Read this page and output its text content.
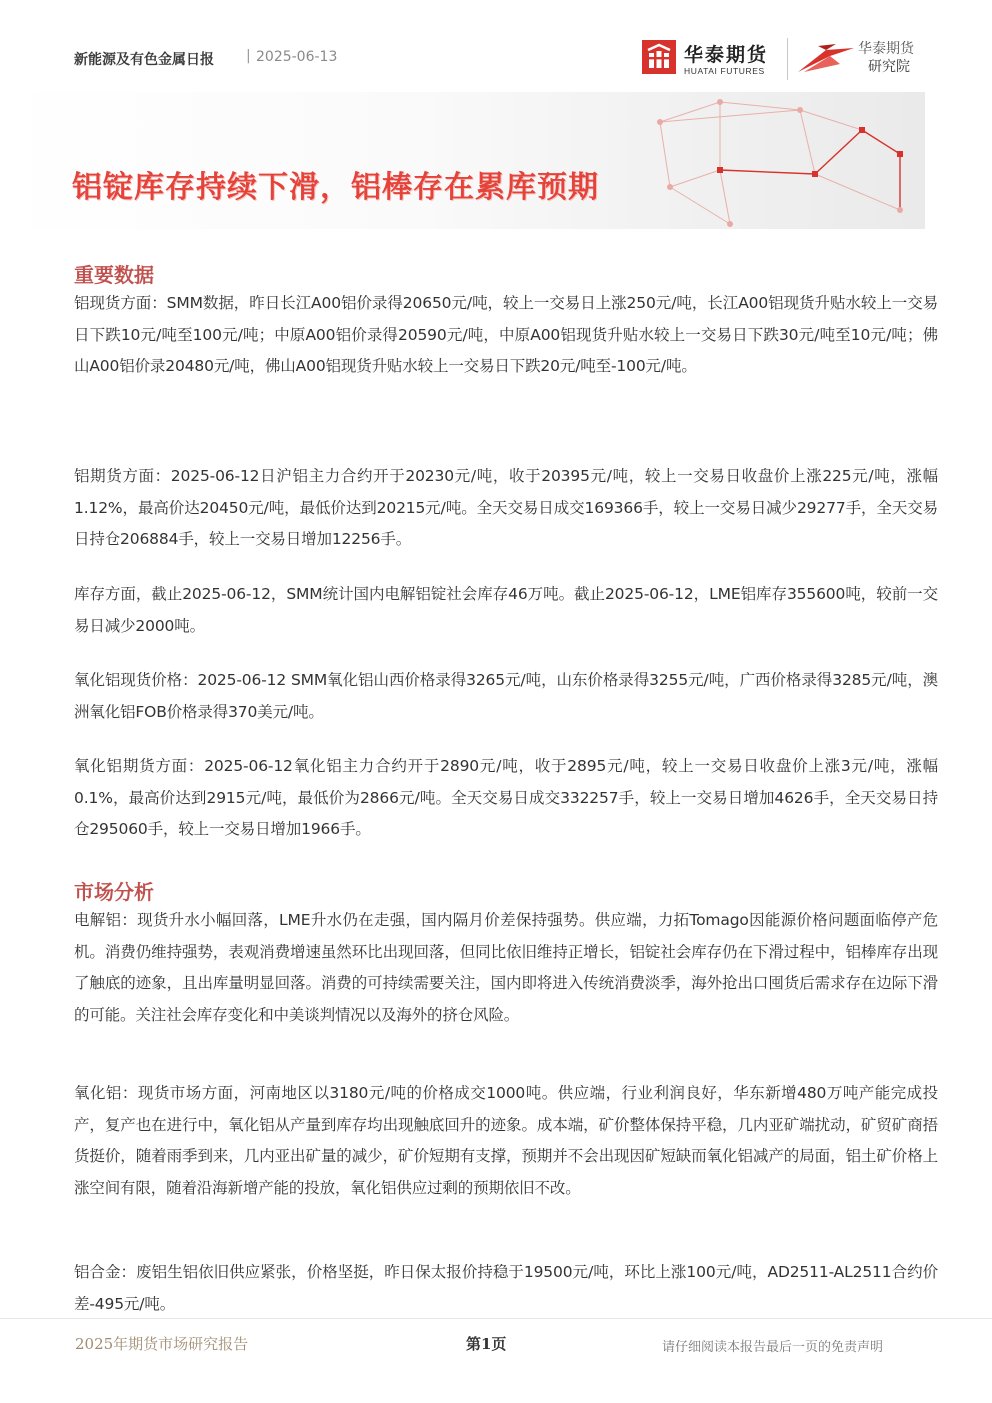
新能源及有色金属日报 | 2025-06-13	华泰期货
HUATAI FUTURES
华泰期货
研究院
铝锭库存持续下滑，铝棒存在累库预期
重要数据
铝现货方面：SMM数据，昨日长江A00铝价录得20650元/吨，较上一交易日上涨250元/吨，长江A00铝现货升贴水较上一交易日下跌10元/吨至100元/吨；中原A00铝价录得20590元/吨，中原A00铝现货升贴水较上一交易日下跌30元/吨至10元/吨；佛山A00铝价录20480元/吨，佛山A00铝现货升贴水较上一交易日下跌20元/吨至-100元/吨。
铝期货方面：2025-06-12日沪铝主力合约开于20230元/吨，收于20395元/吨，较上一交易日收盘价上涨225元/吨，涨幅1.12%，最高价达20450元/吨，最低价达到20215元/吨。全天交易日成交169366手，较上一交易日减少29277手，全天交易日持仓206884手，较上一交易日增加12256手。
库存方面，截止2025-06-12，SMM统计国内电解铝锭社会库存46万吨。截止2025-06-12，LME铝库存355600吨，较前一交易日减少2000吨。
氧化铝现货价格：2025-06-12 SMM氧化铝山西价格录得3265元/吨，山东价格录得3255元/吨，广西价格录得3285元/吨，澳洲氧化铝FOB价格录得370美元/吨。
氧化铝期货方面：2025-06-12氧化铝主力合约开于2890元/吨，收于2895元/吨，较上一交易日收盘价上涨3元/吨，涨幅0.1%，最高价达到2915元/吨，最低价为2866元/吨。全天交易日成交332257手，较上一交易日增加4626手，全天交易日持仓295060手，较上一交易日增加1966手。
市场分析
电解铝：现货升水小幅回落，LME升水仍在走强，国内隔月价差保持强势。供应端，力拓Tomago因能源价格问题面临停产危机。消费仍维持强势，表观消费增速虽然环比出现回落，但同比依旧维持正增长，铝锭社会库存仍在下滑过程中，铝棒库存出现了触底的迹象，且出库量明显回落。消费的可持续需要关注，国内即将进入传统消费淡季，海外抢出口囤货后需求存在边际下滑的可能。关注社会库存变化和中美谈判情况以及海外的挤仓风险。
氧化铝：现货市场方面，河南地区以3180元/吨的价格成交1000吨。供应端，行业利润良好，华东新增480万吨产能完成投产，复产也在进行中，氧化铝从产量到库存均出现触底回升的迹象。成本端，矿价整体保持平稳，几内亚矿端扰动，矿贸矿商捂货挺价，随着雨季到来，几内亚出矿量的减少，矿价短期有支撑，预期并不会出现因矿短缺而氧化铝减产的局面，铝土矿价格上涨空间有限，随着沿海新增产能的投放，氧化铝供应过剩的预期依旧不改。
铝合金：废铝生铝依旧供应紧张，价格坚挺，昨日保太报价持稳于19500元/吨，环比上涨100元/吨，AD2511-AL2511合约价差-495元/吨。
2025年期货市场研究报告	第1页	请仔细阅读本报告最后一页的免责声明
